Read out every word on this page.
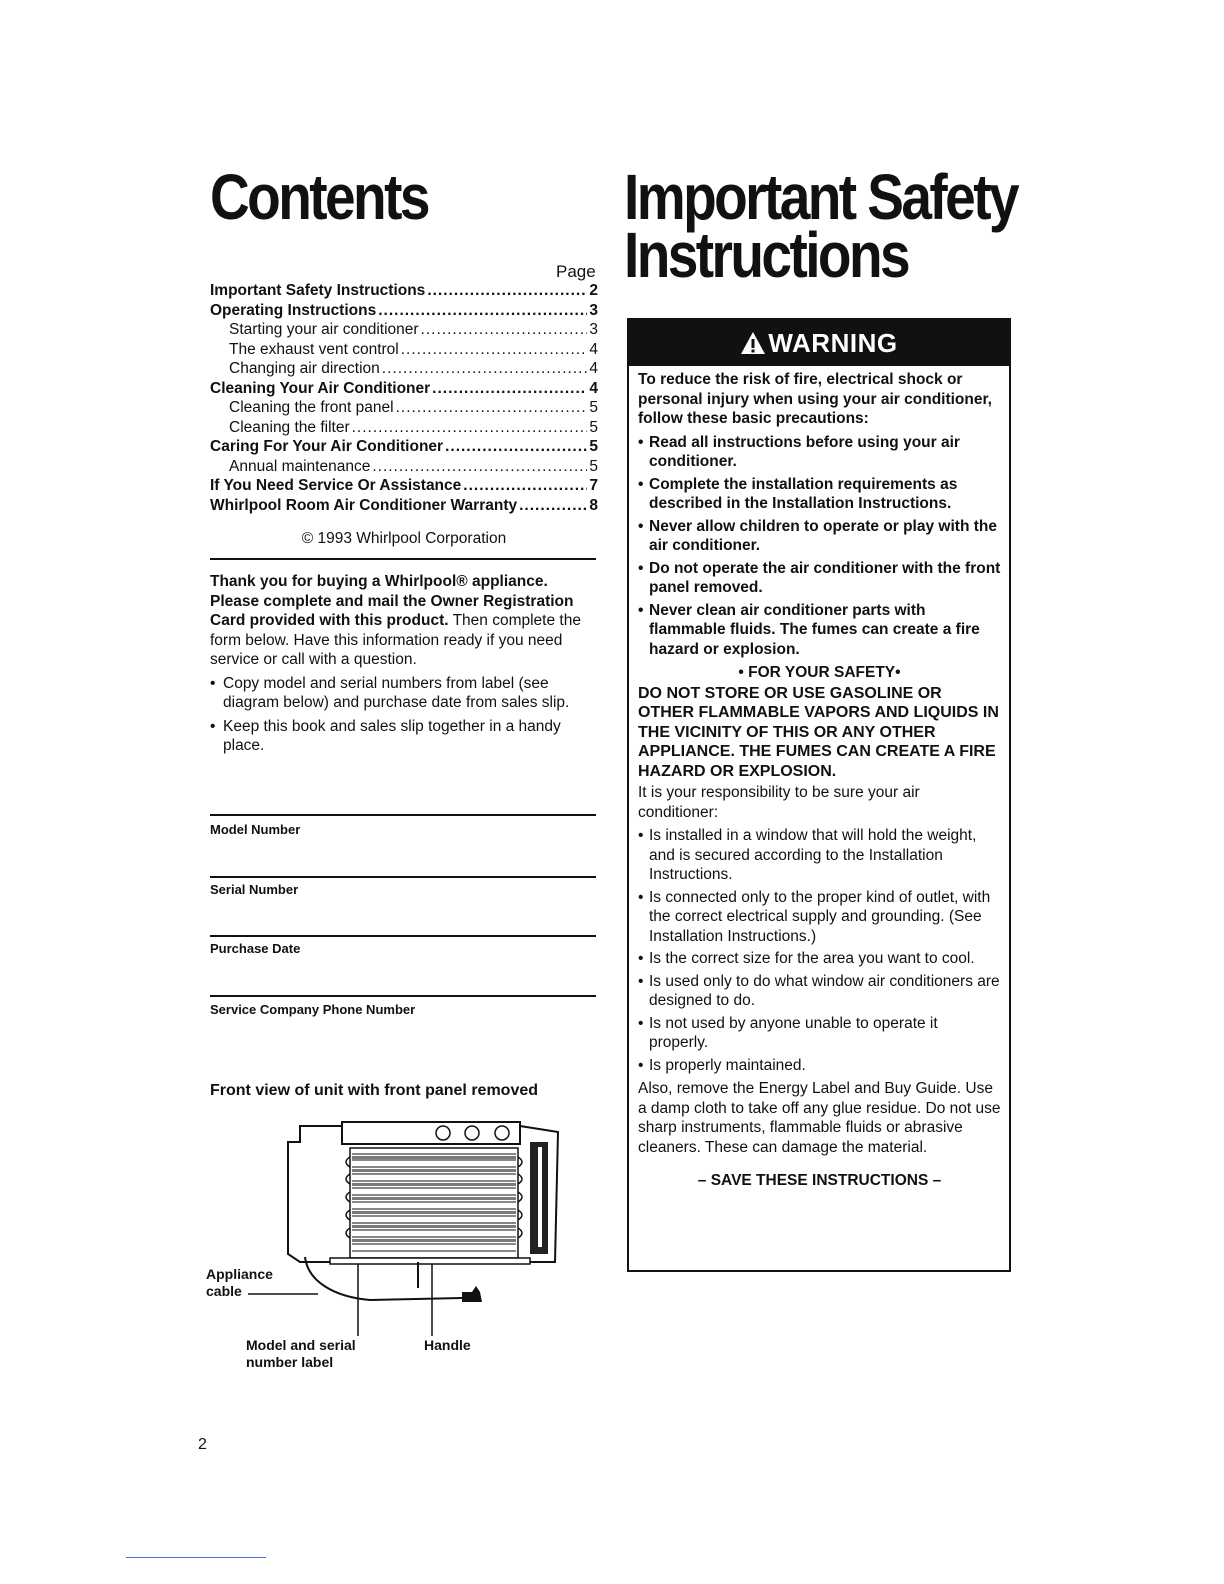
Contents
Page
Important Safety Instructions .....	2
Operating Instructions .....	3
Starting your air conditioner .....	3
The exhaust vent control .....	4
Changing air direction .....	4
Cleaning Your Air Conditioner .....	4
Cleaning the front panel .....	5
Cleaning the filter .....	5
Caring For Your Air Conditioner .....	5
Annual maintenance .....	5
If You Need Service Or Assistance .....	7
Whirlpool Room Air Conditioner Warranty .....	8
© 1993 Whirlpool Corporation
Thank you for buying a Whirlpool® appliance. Please complete and mail the Owner Registration Card provided with this product. Then complete the form below. Have this information ready if you need service or call with a question.
• Copy model and serial numbers from label (see diagram below) and purchase date from sales slip.
• Keep this book and sales slip together in a handy place.
Model Number
Serial Number
Purchase Date
Service Company Phone Number
Front view of unit with front panel removed
Appliance cable
Model and serial number label
Handle
2
Important Safety
Instructions
WARNING
To reduce the risk of fire, electrical shock or personal injury when using your air conditioner, follow these basic precautions:
• Read all instructions before using your air conditioner.
• Complete the installation requirements as described in the Installation Instructions.
• Never allow children to operate or play with the air conditioner.
• Do not operate the air conditioner with the front panel removed.
• Never clean air conditioner parts with flammable fluids. The fumes can create a fire hazard or explosion.
• FOR YOUR SAFETY•
DO NOT STORE OR USE GASOLINE OR OTHER FLAMMABLE VAPORS AND LIQUIDS IN THE VICINITY OF THIS OR ANY OTHER APPLIANCE. THE FUMES CAN CREATE A FIRE HAZARD OR EXPLOSION.
It is your responsibility to be sure your air conditioner:
• Is installed in a window that will hold the weight, and is secured according to the Installation Instructions.
• Is connected only to the proper kind of outlet, with the correct electrical supply and grounding. (See Installation Instructions.)
• Is the correct size for the area you want to cool.
• Is used only to do what window air conditioners are designed to do.
• Is not used by anyone unable to operate it properly.
• Is properly maintained.
Also, remove the Energy Label and Buy Guide. Use a damp cloth to take off any glue residue. Do not use sharp instruments, flammable fluids or abrasive cleaners. These can damage the material.
– SAVE THESE INSTRUCTIONS –
